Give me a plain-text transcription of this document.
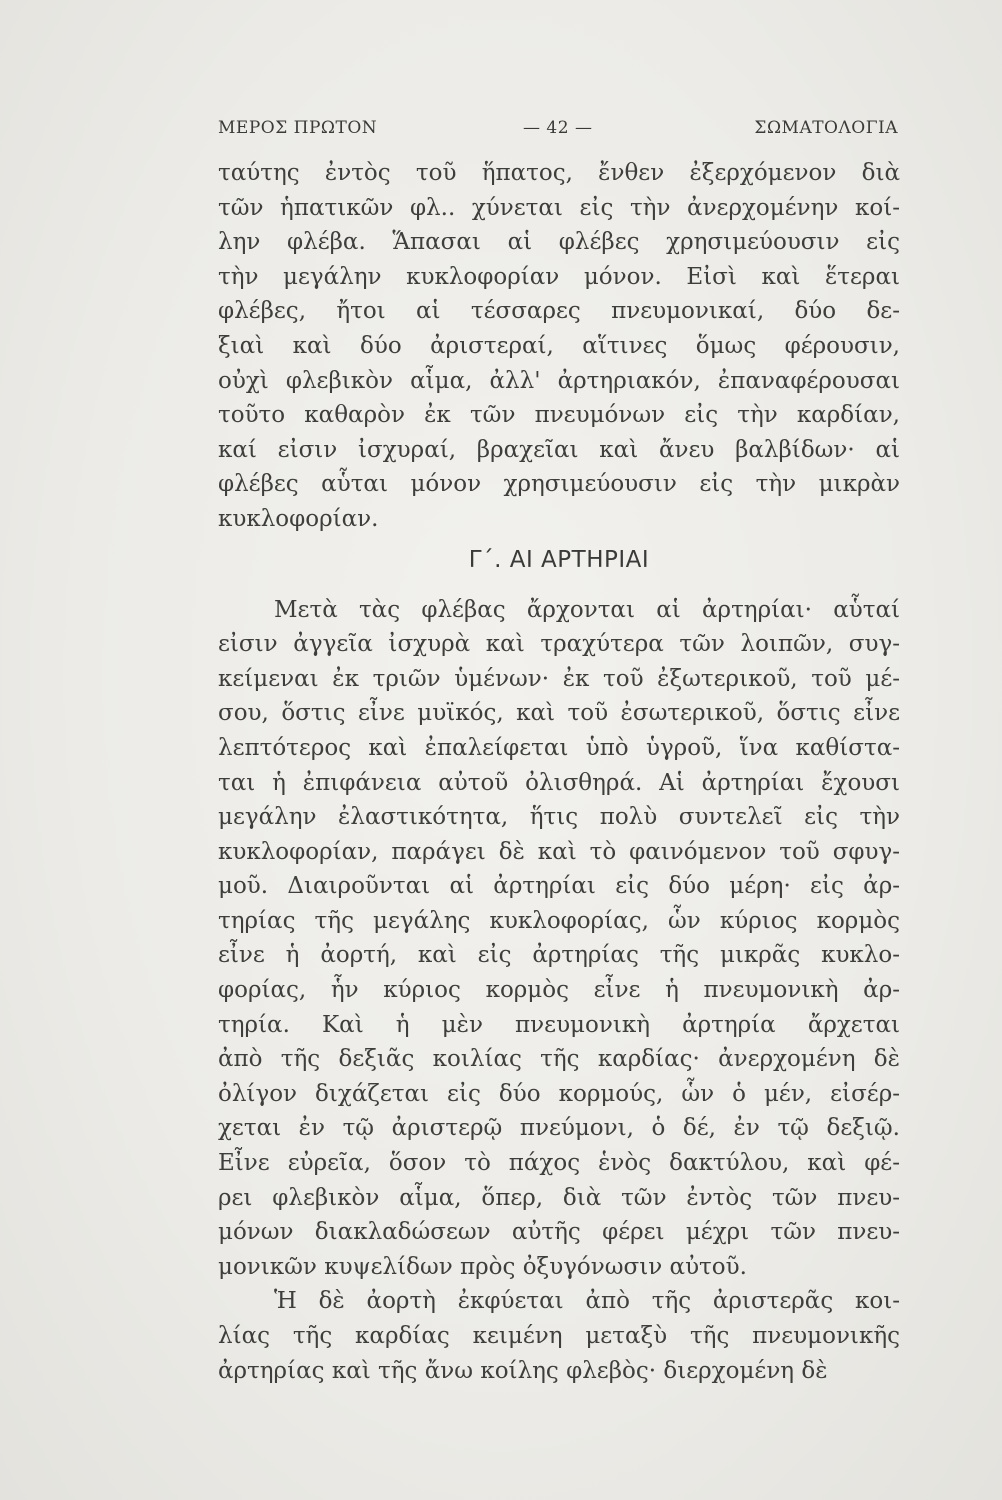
ΜΕΡΟΣ ΠΡΩΤΟΝ	— 42 —	ΣΩΜΑΤΟΛΟΓΙΑ
ταύτης ἐντὸς τοῦ ἥπατος, ἔνθεν ἐξερχόμενον διὰ
τῶν ἡπατικῶν φλ.. χύνεται εἰς τὴν ἀνερχομένην κοί-
λην φλέβα. Ἅπασαι αἱ φλέβες χρησιμεύουσιν εἰς
τὴν μεγάλην κυκλοφορίαν μόνον. Εἰσὶ καὶ ἕτεραι
φλέβες, ἤτοι αἱ τέσσαρες πνευμονικαί, δύο δε-
ξιαὶ καὶ δύο ἀριστεραί, αἵτινες ὅμως φέρουσιν,
οὐχὶ φλεβικὸν αἷμα, ἀλλ' ἀρτηριακόν, ἐπαναφέρουσαι
τοῦτο καθαρὸν ἐκ τῶν πνευμόνων εἰς τὴν καρδίαν,
καί εἰσιν ἰσχυραί, βραχεῖαι καὶ ἄνευ βαλβίδων· αἱ
φλέβες αὗται μόνον χρησιμεύουσιν εἰς τὴν μικρὰν
κυκλοφορίαν.
Γ΄. ΑΙ ΑΡΤΗΡΙΑΙ
Μετὰ τὰς φλέβας ἄρχονται αἱ ἀρτηρίαι· αὗταί
εἰσιν ἀγγεῖα ἰσχυρὰ καὶ τραχύτερα τῶν λοιπῶν, συγ-
κείμεναι ἐκ τριῶν ὑμένων· ἐκ τοῦ ἐξωτερικοῦ, τοῦ μέ-
σου, ὅστις εἶνε μυϊκός, καὶ τοῦ ἐσωτερικοῦ, ὅστις εἶνε
λεπτότερος καὶ ἐπαλείφεται ὑπὸ ὑγροῦ, ἵνα καθίστα-
ται ἡ ἐπιφάνεια αὐτοῦ ὀλισθηρά. Αἱ ἀρτηρίαι ἔχουσι
μεγάλην ἐλαστικότητα, ἥτις πολὺ συντελεῖ εἰς τὴν
κυκλοφορίαν, παράγει δὲ καὶ τὸ φαινόμενον τοῦ σφυγ-
μοῦ. Διαιροῦνται αἱ ἀρτηρίαι εἰς δύο μέρη· εἰς ἀρ-
τηρίας τῆς μεγάλης κυκλοφορίας, ὧν κύριος κορμὸς
εἶνε ἡ ἀορτή, καὶ εἰς ἀρτηρίας τῆς μικρᾶς κυκλο-
φορίας, ἧν κύριος κορμὸς εἶνε ἡ πνευμονικὴ ἀρ-
τηρία. Καὶ ἡ μὲν πνευμονικὴ ἀρτηρία ἄρχεται
ἀπὸ τῆς δεξιᾶς κοιλίας τῆς καρδίας· ἀνερχομένη δὲ
ὀλίγον διχάζεται εἰς δύο κορμούς, ὧν ὁ μέν, εἰσέρ-
χεται ἐν τῷ ἀριστερῷ πνεύμονι, ὁ δέ, ἐν τῷ δεξιῷ.
Εἶνε εὐρεῖα, ὅσον τὸ πάχος ἑνὸς δακτύλου, καὶ φέ-
ρει φλεβικὸν αἷμα, ὅπερ, διὰ τῶν ἐντὸς τῶν πνευ-
μόνων διακλαδώσεων αὐτῆς φέρει μέχρι τῶν πνευ-
μονικῶν κυψελίδων πρὸς ὀξυγόνωσιν αὐτοῦ.
Ἡ δὲ ἀορτὴ ἐκφύεται ἀπὸ τῆς ἀριστερᾶς κοι-
λίας τῆς καρδίας κειμένη μεταξὺ τῆς πνευμονικῆς
ἀρτηρίας καὶ τῆς ἄνω κοίλης φλεβὸς· διερχομένη δὲ
